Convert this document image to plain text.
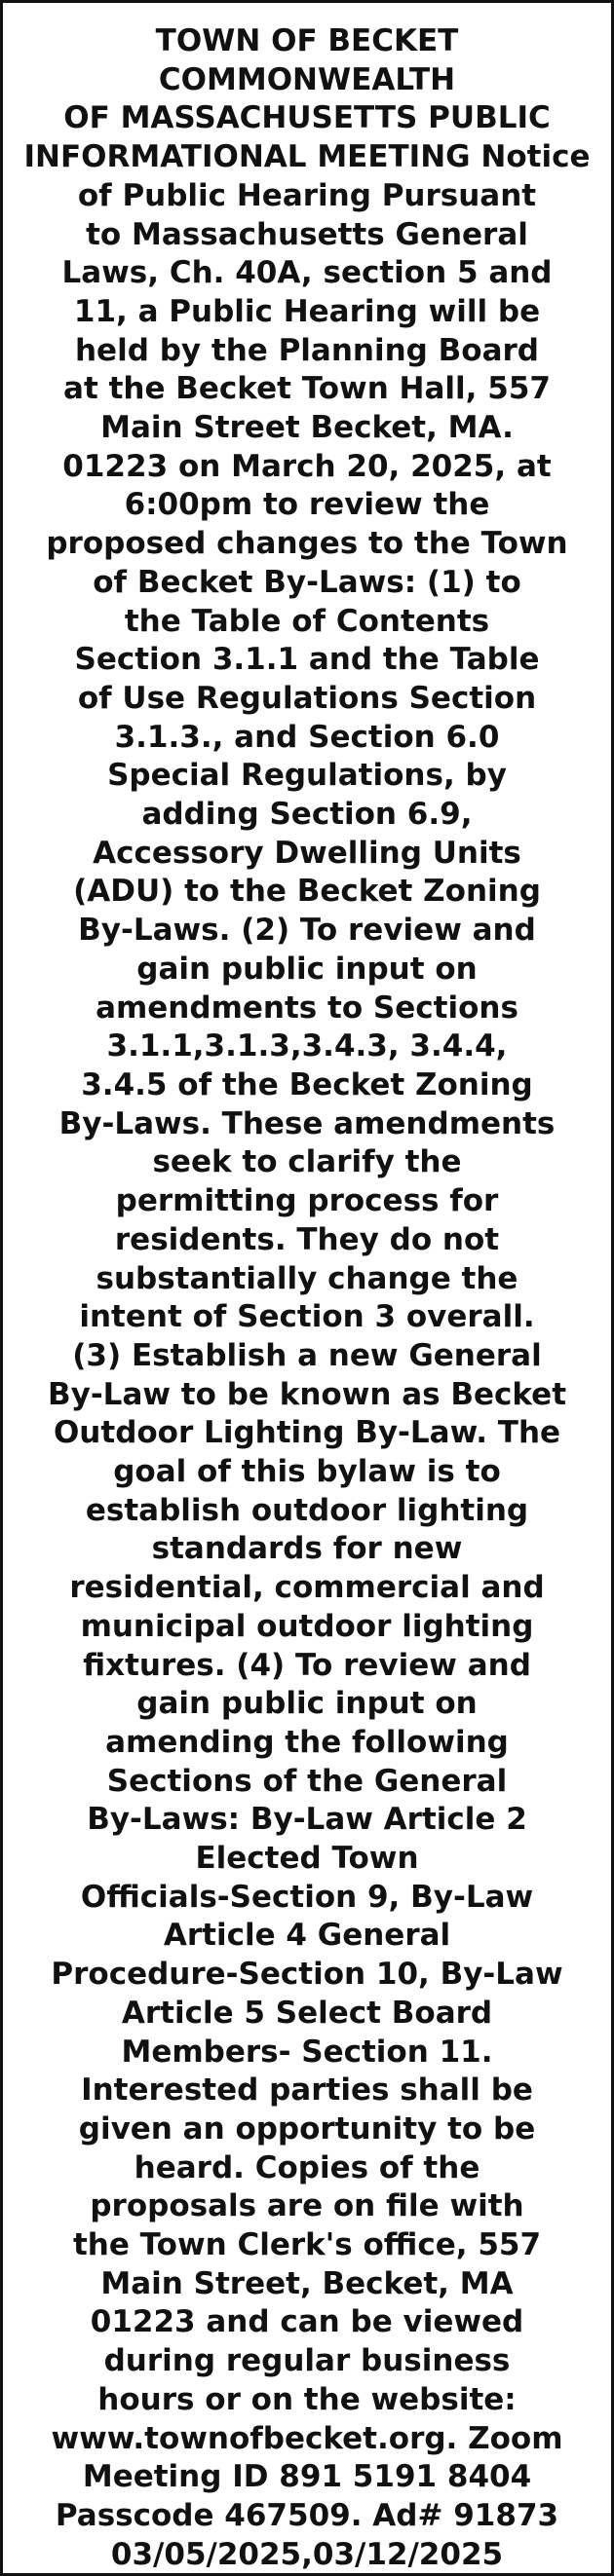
TOWN OF BECKET COMMONWEALTH
OF MASSACHUSETTS PUBLIC
INFORMATIONAL MEETING Notice
of Public Hearing Pursuant
to Massachusetts General
Laws, Ch. 40A, section 5 and
11, a Public Hearing will be
held by the Planning Board
at the Becket Town Hall, 557
Main Street Becket, MA.
01223 on March 20, 2025, at
6:00pm to review the
proposed changes to the Town
of Becket By-Laws: (1) to
the Table of Contents
Section 3.1.1 and the Table
of Use Regulations Section
3.1.3., and Section 6.0
Special Regulations, by
adding Section 6.9,
Accessory Dwelling Units
(ADU) to the Becket Zoning
By-Laws. (2) To review and
gain public input on
amendments to Sections
3.1.1,3.1.3,3.4.3, 3.4.4,
3.4.5 of the Becket Zoning
By-Laws. These amendments
seek to clarify the
permitting process for
residents. They do not
substantially change the
intent of Section 3 overall.
(3) Establish a new General
By-Law to be known as Becket
Outdoor Lighting By-Law. The
goal of this bylaw is to
establish outdoor lighting
standards for new
residential, commercial and
municipal outdoor lighting
fixtures. (4) To review and
gain public input on
amending the following
Sections of the General
By-Laws: By-Law Article 2
Elected Town
Officials-Section 9, By-Law
Article 4 General
Procedure-Section 10, By-Law
Article 5 Select Board
Members- Section 11.
Interested parties shall be
given an opportunity to be
heard. Copies of the
proposals are on file with
the Town Clerk's office, 557
Main Street, Becket, MA
01223 and can be viewed
during regular business
hours or on the website:
www.townofbecket.org. Zoom
Meeting ID 891 5191 8404
Passcode 467509. Ad# 91873
03/05/2025,03/12/2025
